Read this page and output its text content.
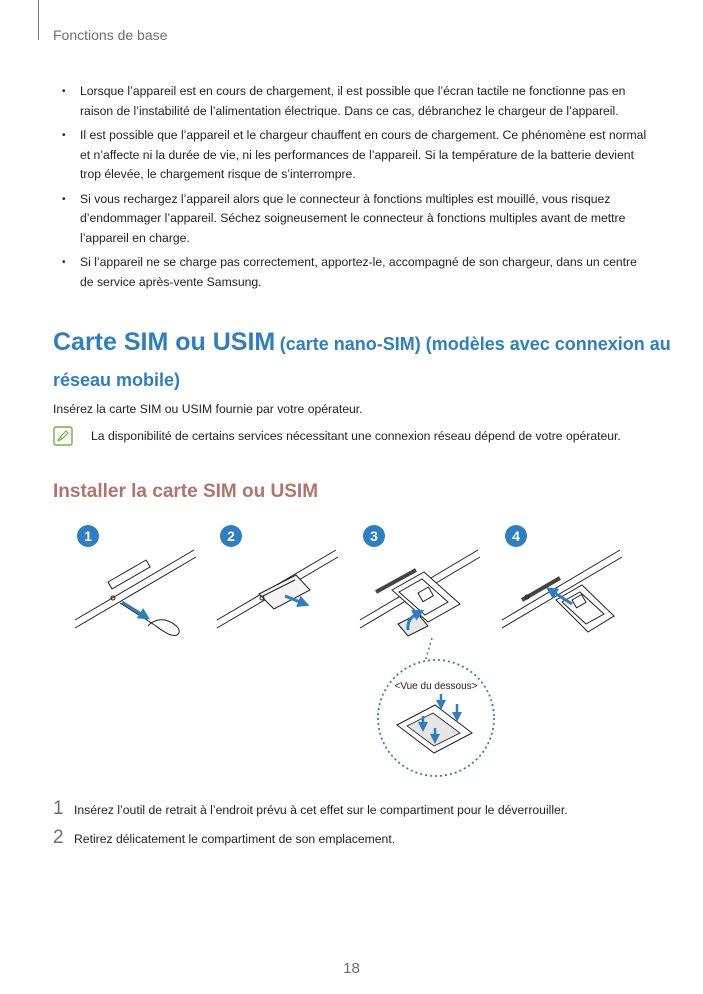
Fonctions de base
• Lorsque l’appareil est en cours de chargement, il est possible que l’écran tactile ne fonctionne pas en raison de l’instabilité de l’alimentation électrique. Dans ce cas, débranchez le chargeur de l’appareil.
• Il est possible que l’appareil et le chargeur chauffent en cours de chargement. Ce phénomène est normal et n’affecte ni la durée de vie, ni les performances de l’appareil. Si la température de la batterie devient trop élevée, le chargement risque de s’interrompre.
• Si vous rechargez l’appareil alors que le connecteur à fonctions multiples est mouillé, vous risquez d’endommager l’appareil. Séchez soigneusement le connecteur à fonctions multiples avant de mettre l’appareil en charge.
• Si l’appareil ne se charge pas correctement, apportez-le, accompagné de son chargeur, dans un centre de service après-vente Samsung.
Carte SIM ou USIM (carte nano-SIM) (modèles avec connexion au réseau mobile)
Insérez la carte SIM ou USIM fournie par votre opérateur.
La disponibilité de certains services nécessitant une connexion réseau dépend de votre opérateur.
Installer la carte SIM ou USIM
1	2	3	4
<Vue du dessous>
1 Insérez l’outil de retrait à l’endroit prévu à cet effet sur le compartiment pour le déverrouiller.
2 Retirez délicatement le compartiment de son emplacement.
18
